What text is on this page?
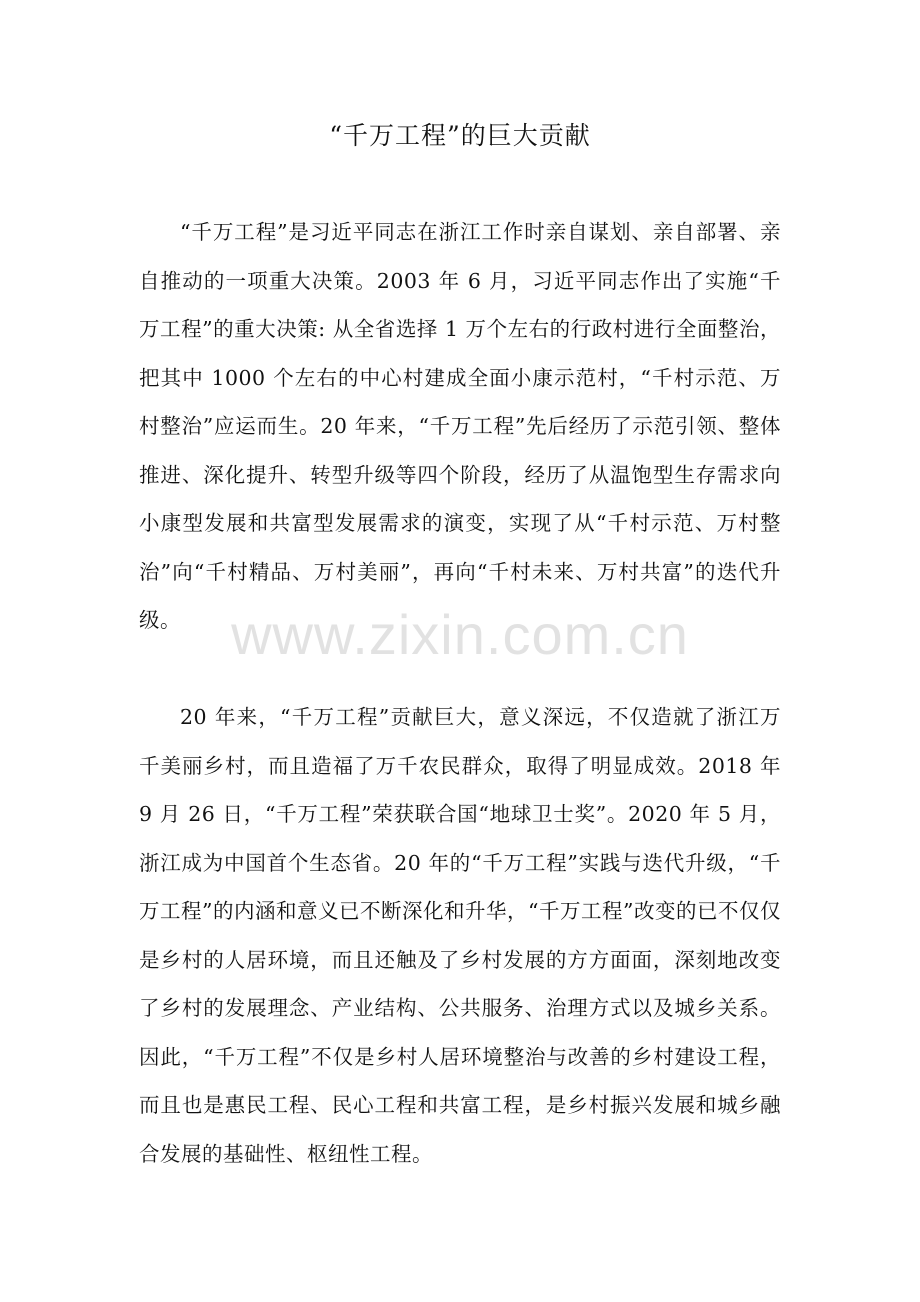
“千万工程”的巨大贡献

“千万工程”是习近平同志在浙江工作时亲自谋划、亲自部署、亲自推动的一项重大决策。2003 年 6 月，习近平同志作出了实施“千万工程”的重大决策: 从全省选择 1 万个左右的行政村进行全面整治，把其中 1000 个左右的中心村建成全面小康示范村，“千村示范、万村整治”应运而生。20 年来，“千万工程”先后经历了示范引领、整体推进、深化提升、转型升级等四个阶段，经历了从温饱型生存需求向小康型发展和共富型发展需求的演变，实现了从“千村示范、万村整治”向“千村精品、万村美丽”，再向“千村未来、万村共富”的迭代升级。 www.zixin.com.cn

20 年来，“千万工程”贡献巨大，意义深远，不仅造就了浙江万千美丽乡村，而且造福了万千农民群众，取得了明显成效。2018 年 9 月 26 日，“千万工程”荣获联合国“地球卫士奖”。2020 年 5 月，浙江成为中国首个生态省。20 年的“千万工程”实践与迭代升级，“千万工程”的内涵和意义已不断深化和升华，“千万工程”改变的已不仅仅是乡村的人居环境，而且还触及了乡村发展的方方面面，深刻地改变了乡村的发展理念、产业结构、公共服务、治理方式以及城乡关系。因此，“千万工程”不仅是乡村人居环境整治与改善的乡村建设工程，而且也是惠民工程、民心工程和共富工程，是乡村振兴发展和城乡融合发展的基础性、枢纽性工程。
